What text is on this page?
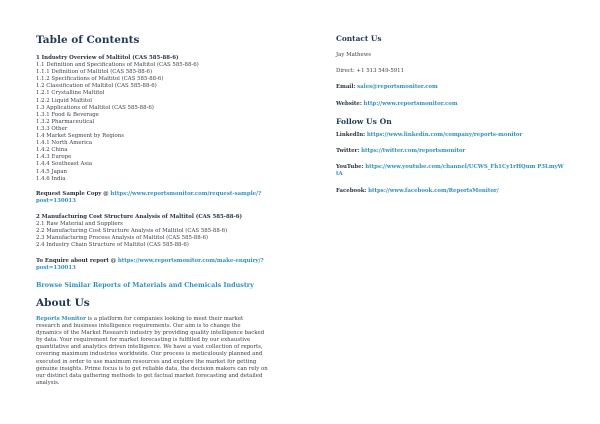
Table of Contents
1 Industry Overview of Maltitol (CAS 585-88-6)
1.1 Definition and Specifications of Maltitol (CAS 585-88-6)
1.1.1 Definition of Maltitol (CAS 585-88-6)
1.1.2 Specifications of Maltitol (CAS 585-88-6)
1.2 Classification of Maltitol (CAS 585-88-6)
1.2.1 Crystalline Maltitol
1.2.2 Liquid Maltitol
1.3 Applications of Maltitol (CAS 585-88-6)
1.3.1 Food & Beverage
1.3.2 Pharmaceutical
1.3.3 Other
1.4 Market Segment by Regions
1.4.1 North America
1.4.2 China
1.4.3 Europe
1.4.4 Southeast Asia
1.4.5 Japan
1.4.6 India
Request Sample Copy @ https://www.reportsmonitor.com/request-sample/?post=130013
2 Manufacturing Cost Structure Analysis of Maltitol (CAS 585-88-6)
2.1 Raw Material and Suppliers
2.2 Manufacturing Cost Structure Analysis of Maltitol (CAS 585-88-6)
2.3 Manufacturing Process Analysis of Maltitol (CAS 585-88-6)
2.4 Industry Chain Structure of Maltitol (CAS 585-88-6)
To Enquire about report @ https://www.reportsmonitor.com/make-enquiry/?post=130013
Browse Similar Reports of Materials and Chemicals Industry
About Us
Reports Monitor is a platform for companies looking to meet their market research and business intelligence requirements. Our aim is to change the dynamics of the Market Research industry by providing quality intelligence backed by data. Your requirement for market forecasting is fulfilled by our exhaustive quantitative and analytics driven intelligence. We have a vast collection of reports, covering maximum industries worldwide. Our process is meticulously planned and executed in order to use maximum resources and explore the market for getting genuine insights. Prime focus is to get reliable data, the decision makers can rely on our distinct data gathering methods to get factual market forecasting and detailed analysis.
Contact Us
Jay Mathews
Direct: +1 513 549-5911
Email: sales@reportsmonitor.com
Website: http://www.reportsmonitor.com
Follow Us On
LinkedIn: https://www.linkedin.com/company/reports-monitor
Twitter: https://twitter.com/reportsmonitor
YouTube: https://www.youtube.com/channel/UCWS_Fh1Cy1rHQum P3LmyWtA
Facebook: https://www.facebook.com/ReportsMonitor/
